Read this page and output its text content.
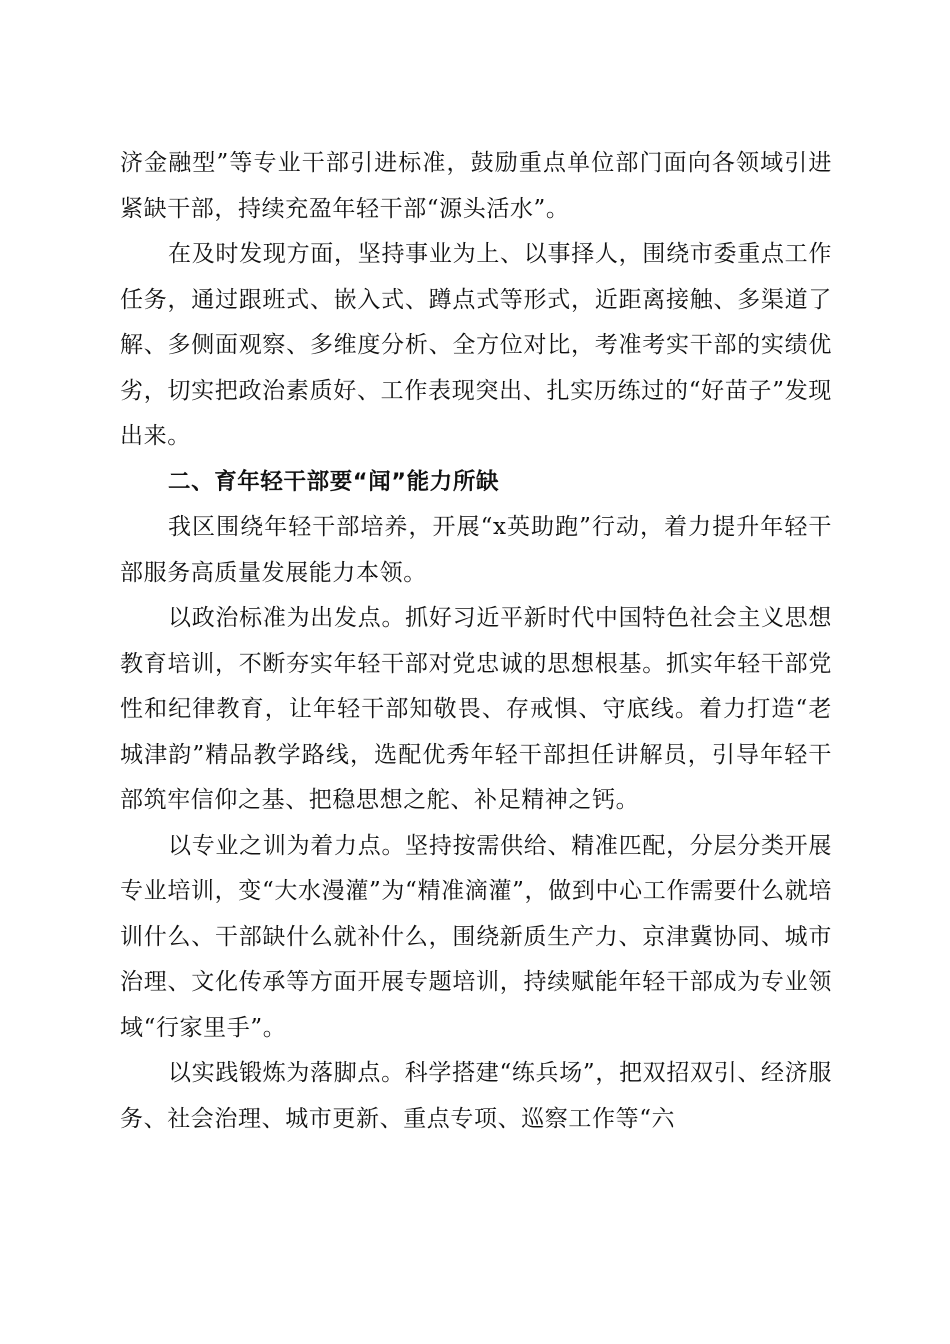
济金融型”等专业干部引进标准，鼓励重点单位部门面向各领域引进紧缺干部，持续充盈年轻干部“源头活水”。

在及时发现方面，坚持事业为上、以事择人，围绕市委重点工作任务，通过跟班式、嵌入式、蹲点式等形式，近距离接触、多渠道了解、多侧面观察、多维度分析、全方位对比，考准考实干部的实绩优劣，切实把政治素质好、工作表现突出、扎实历练过的“好苗子”发现出来。

二、育年轻干部要“闻”能力所缺

我区围绕年轻干部培养，开展“x英助跑”行动，着力提升年轻干部服务高质量发展能力本领。

以政治标准为出发点。抓好习近平新时代中国特色社会主义思想教育培训，不断夯实年轻干部对党忠诚的思想根基。抓实年轻干部党性和纪律教育，让年轻干部知敬畏、存戒惧、守底线。着力打造“老城津韵”精品教学路线，选配优秀年轻干部担任讲解员，引导年轻干部筑牢信仰之基、把稳思想之舵、补足精神之钙。

以专业之训为着力点。坚持按需供给、精准匹配，分层分类开展专业培训，变“大水漫灌”为“精准滴灌”，做到中心工作需要什么就培训什么、干部缺什么就补什么，围绕新质生产力、京津冀协同、城市治理、文化传承等方面开展专题培训，持续赋能年轻干部成为专业领域“行家里手”。

以实践锻炼为落脚点。科学搭建“练兵场”，把双招双引、经济服务、社会治理、城市更新、重点专项、巡察工作等“六
